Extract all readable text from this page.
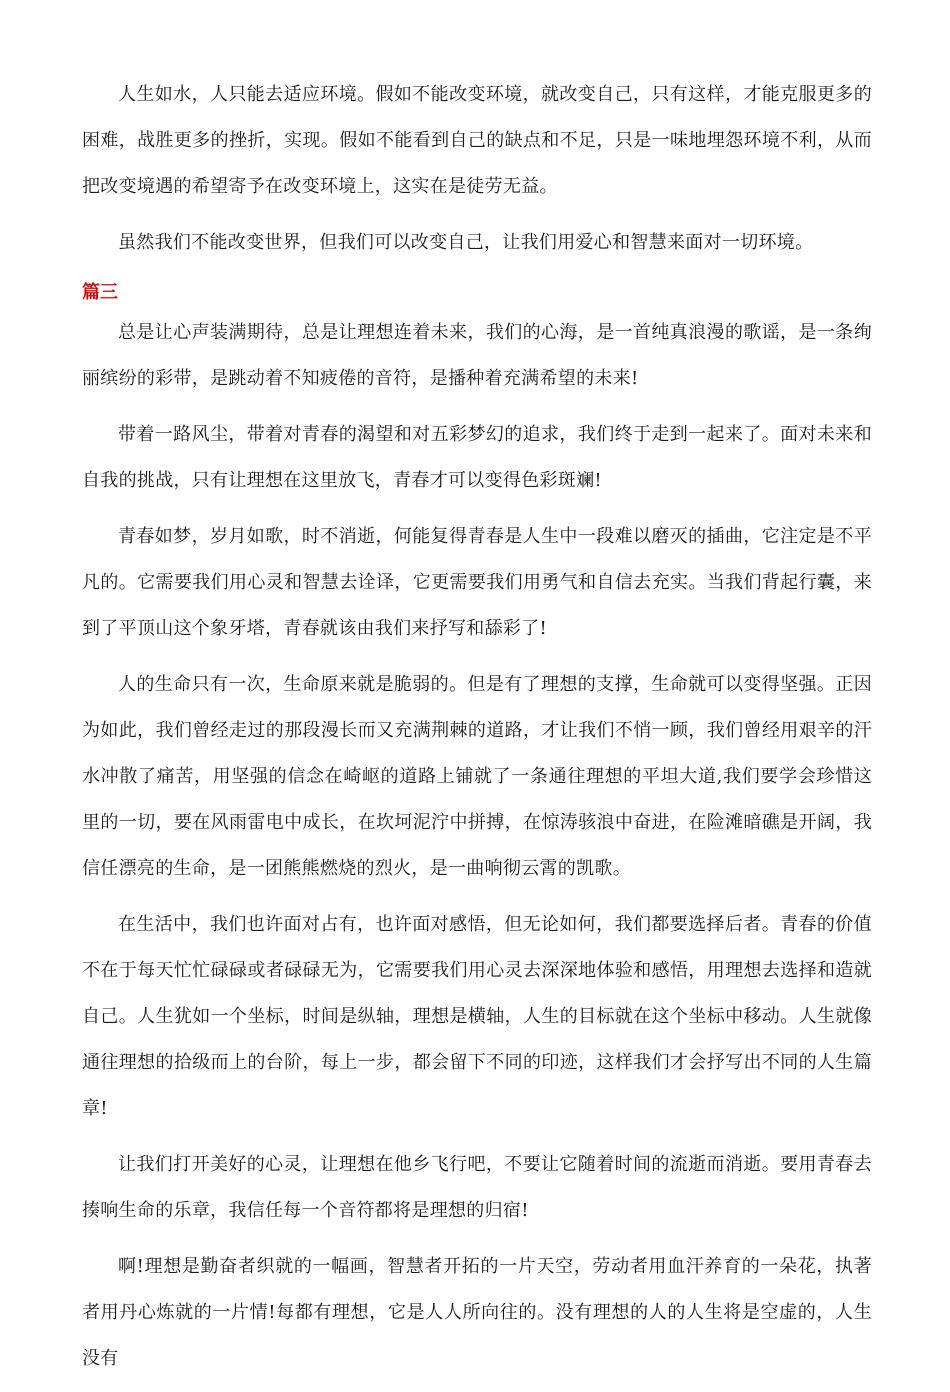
人生如水，人只能去适应环境。假如不能改变环境，就改变自己，只有这样，才能克服更多的困难，战胜更多的挫折，实现。假如不能看到自己的缺点和不足，只是一味地埋怨环境不利，从而把改变境遇的希望寄予在改变环境上，这实在是徒劳无益。

虽然我们不能改变世界，但我们可以改变自己，让我们用爱心和智慧来面对一切环境。

篇三

总是让心声装满期待，总是让理想连着未来，我们的心海，是一首纯真浪漫的歌谣，是一条绚丽缤纷的彩带，是跳动着不知疲倦的音符，是播种着充满希望的未来!

带着一路风尘，带着对青春的渴望和对五彩梦幻的追求，我们终于走到一起来了。面对未来和自我的挑战，只有让理想在这里放飞，青春才可以变得色彩斑斓!

青春如梦，岁月如歌，时不消逝，何能复得青春是人生中一段难以磨灭的插曲，它注定是不平凡的。它需要我们用心灵和智慧去诠译，它更需要我们用勇气和自信去充实。当我们背起行囊，来到了平顶山这个象牙塔，青春就该由我们来抒写和舔彩了!

人的生命只有一次，生命原来就是脆弱的。但是有了理想的支撑，生命就可以变得坚强。正因为如此，我们曾经走过的那段漫长而又充满荆棘的道路，才让我们不悄一顾，我们曾经用艰辛的汗水冲散了痛苦，用坚强的信念在崎岖的道路上铺就了一条通往理想的平坦大道,我们要学会珍惜这里的一切，要在风雨雷电中成长，在坎坷泥泞中拼搏，在惊涛骇浪中奋进，在险滩暗礁是开阔，我信任漂亮的生命，是一团熊熊燃烧的烈火，是一曲响彻云霄的凯歌。

在生活中，我们也许面对占有，也许面对感悟，但无论如何，我们都要选择后者。青春的价值不在于每天忙忙碌碌或者碌碌无为，它需要我们用心灵去深深地体验和感悟，用理想去选择和造就自己。人生犹如一个坐标，时间是纵轴，理想是横轴，人生的目标就在这个坐标中移动。人生就像通往理想的拾级而上的台阶，每上一步，都会留下不同的印迹，这样我们才会抒写出不同的人生篇章!

让我们打开美好的心灵，让理想在他乡飞行吧，不要让它随着时间的流逝而消逝。要用青春去揍响生命的乐章，我信任每一个音符都将是理想的归宿!

啊!理想是勤奋者织就的一幅画，智慧者开拓的一片天空，劳动者用血汗养育的一朵花，执著者用丹心炼就的一片情!每都有理想，它是人人所向往的。没有理想的人的人生将是空虚的，人生没有
